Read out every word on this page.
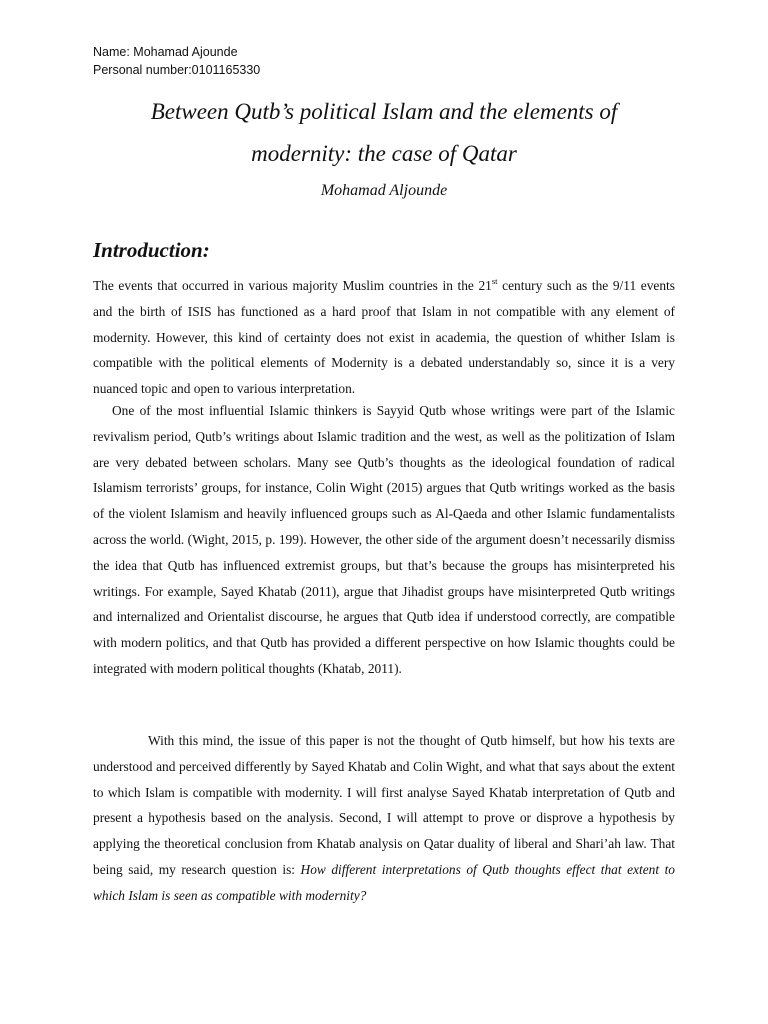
Name: Mohamad Ajounde
Personal number:0101165330
Between Qutb’s political Islam and the elements of
modernity: the case of Qatar
Mohamad Aljounde
Introduction:

The events that occurred in various majority Muslim countries in the 21st century such as the 9/11 events and the birth of ISIS has functioned as a hard proof that Islam in not compatible with any element of modernity. However, this kind of certainty does not exist in academia, the question of whither Islam is compatible with the political elements of Modernity is a debated understandably so, since it is a very nuanced topic and open to various interpretation.

One of the most influential Islamic thinkers is Sayyid Qutb whose writings were part of the Islamic revivalism period, Qutb’s writings about Islamic tradition and the west, as well as the politization of Islam are very debated between scholars. Many see Qutb’s thoughts as the ideological foundation of radical Islamism terrorists’ groups, for instance, Colin Wight (2015) argues that Qutb writings worked as the basis of the violent Islamism and heavily influenced groups such as Al-Qaeda and other Islamic fundamentalists across the world. (Wight, 2015, p. 199). However, the other side of the argument doesn’t necessarily dismiss the idea that Qutb has influenced extremist groups, but that’s because the groups has misinterpreted his writings. For example, Sayed Khatab (2011), argue that Jihadist groups have misinterpreted Qutb writings and internalized and Orientalist discourse, he argues that Qutb idea if understood correctly, are compatible with modern politics, and that Qutb has provided a different perspective on how Islamic thoughts could be integrated with modern political thoughts (Khatab, 2011).

With this mind, the issue of this paper is not the thought of Qutb himself, but how his texts are understood and perceived differently by Sayed Khatab and Colin Wight, and what that says about the extent to which Islam is compatible with modernity. I will first analyse Sayed Khatab interpretation of Qutb and present a hypothesis based on the analysis. Second, I will attempt to prove or disprove a hypothesis by applying the theoretical conclusion from Khatab analysis on Qatar duality of liberal and Shari’ah law. That being said, my research question is: How different interpretations of Qutb thoughts effect that extent to which Islam is seen as compatible with modernity?
